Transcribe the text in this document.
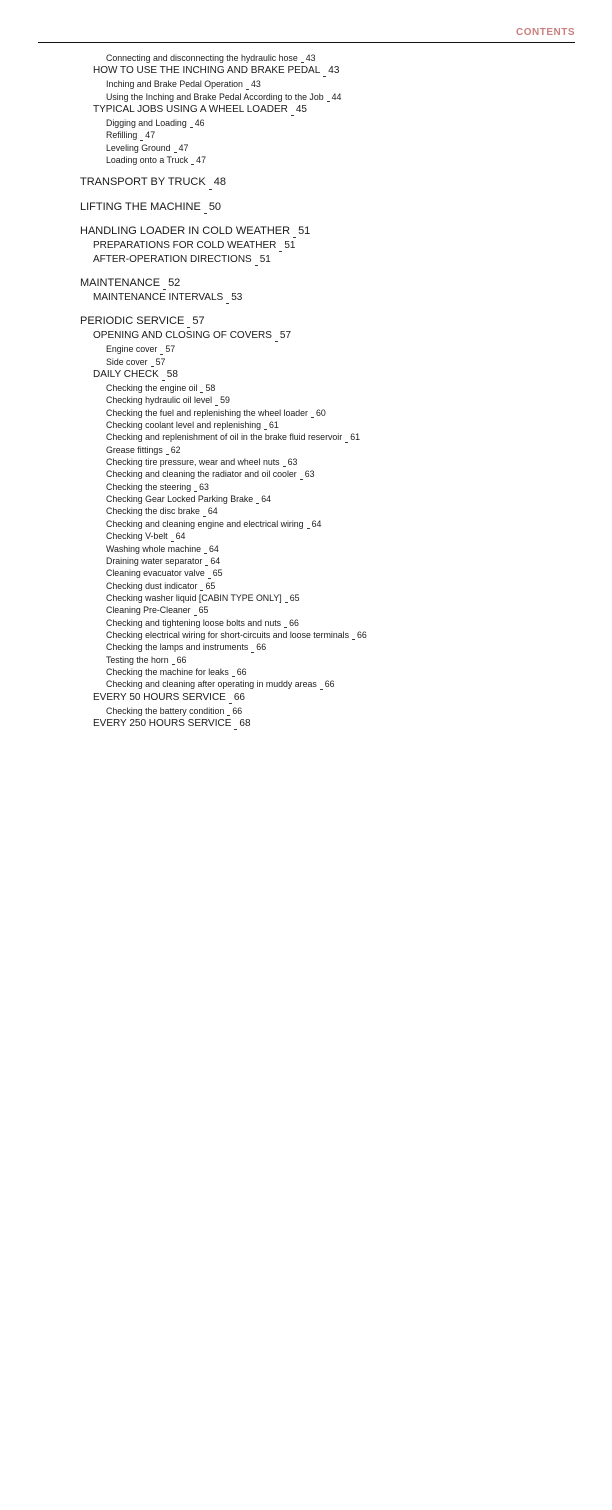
CONTENTS
Connecting and disconnecting the hydraulic hose 43
HOW TO USE THE INCHING AND BRAKE PEDAL 43
Inching and Brake Pedal Operation 43
Using the Inching and Brake Pedal According to the Job 44
TYPICAL JOBS USING A WHEEL LOADER 45
Digging and Loading 46
Refilling 47
Leveling Ground 47
Loading onto a Truck 47
TRANSPORT BY TRUCK 48
LIFTING THE MACHINE 50
HANDLING LOADER IN COLD WEATHER 51
PREPARATIONS FOR COLD WEATHER 51
AFTER-OPERATION DIRECTIONS 51
MAINTENANCE 52
MAINTENANCE INTERVALS 53
PERIODIC SERVICE 57
OPENING AND CLOSING OF COVERS 57
Engine cover 57
Side cover 57
DAILY CHECK 58
Checking the engine oil 58
Checking hydraulic oil level 59
Checking the fuel and replenishing the wheel loader 60
Checking coolant level and replenishing 61
Checking and replenishment of oil in the brake fluid reservoir 61
Grease fittings 62
Checking tire pressure, wear and wheel nuts 63
Checking and cleaning the radiator and oil cooler 63
Checking the steering 63
Checking Gear Locked Parking Brake 64
Checking the disc brake 64
Checking and cleaning engine and electrical wiring 64
Checking V-belt 64
Washing whole machine 64
Draining water separator 64
Cleaning evacuator valve 65
Checking dust indicator 65
Checking washer liquid [CABIN TYPE ONLY] 65
Cleaning Pre-Cleaner 65
Checking and tightening loose bolts and nuts 66
Checking electrical wiring for short-circuits and loose terminals 66
Checking the lamps and instruments 66
Testing the horn 66
Checking the machine for leaks 66
Checking and cleaning after operating in muddy areas 66
EVERY 50 HOURS SERVICE 66
Checking the battery condition 66
EVERY 250 HOURS SERVICE 68
